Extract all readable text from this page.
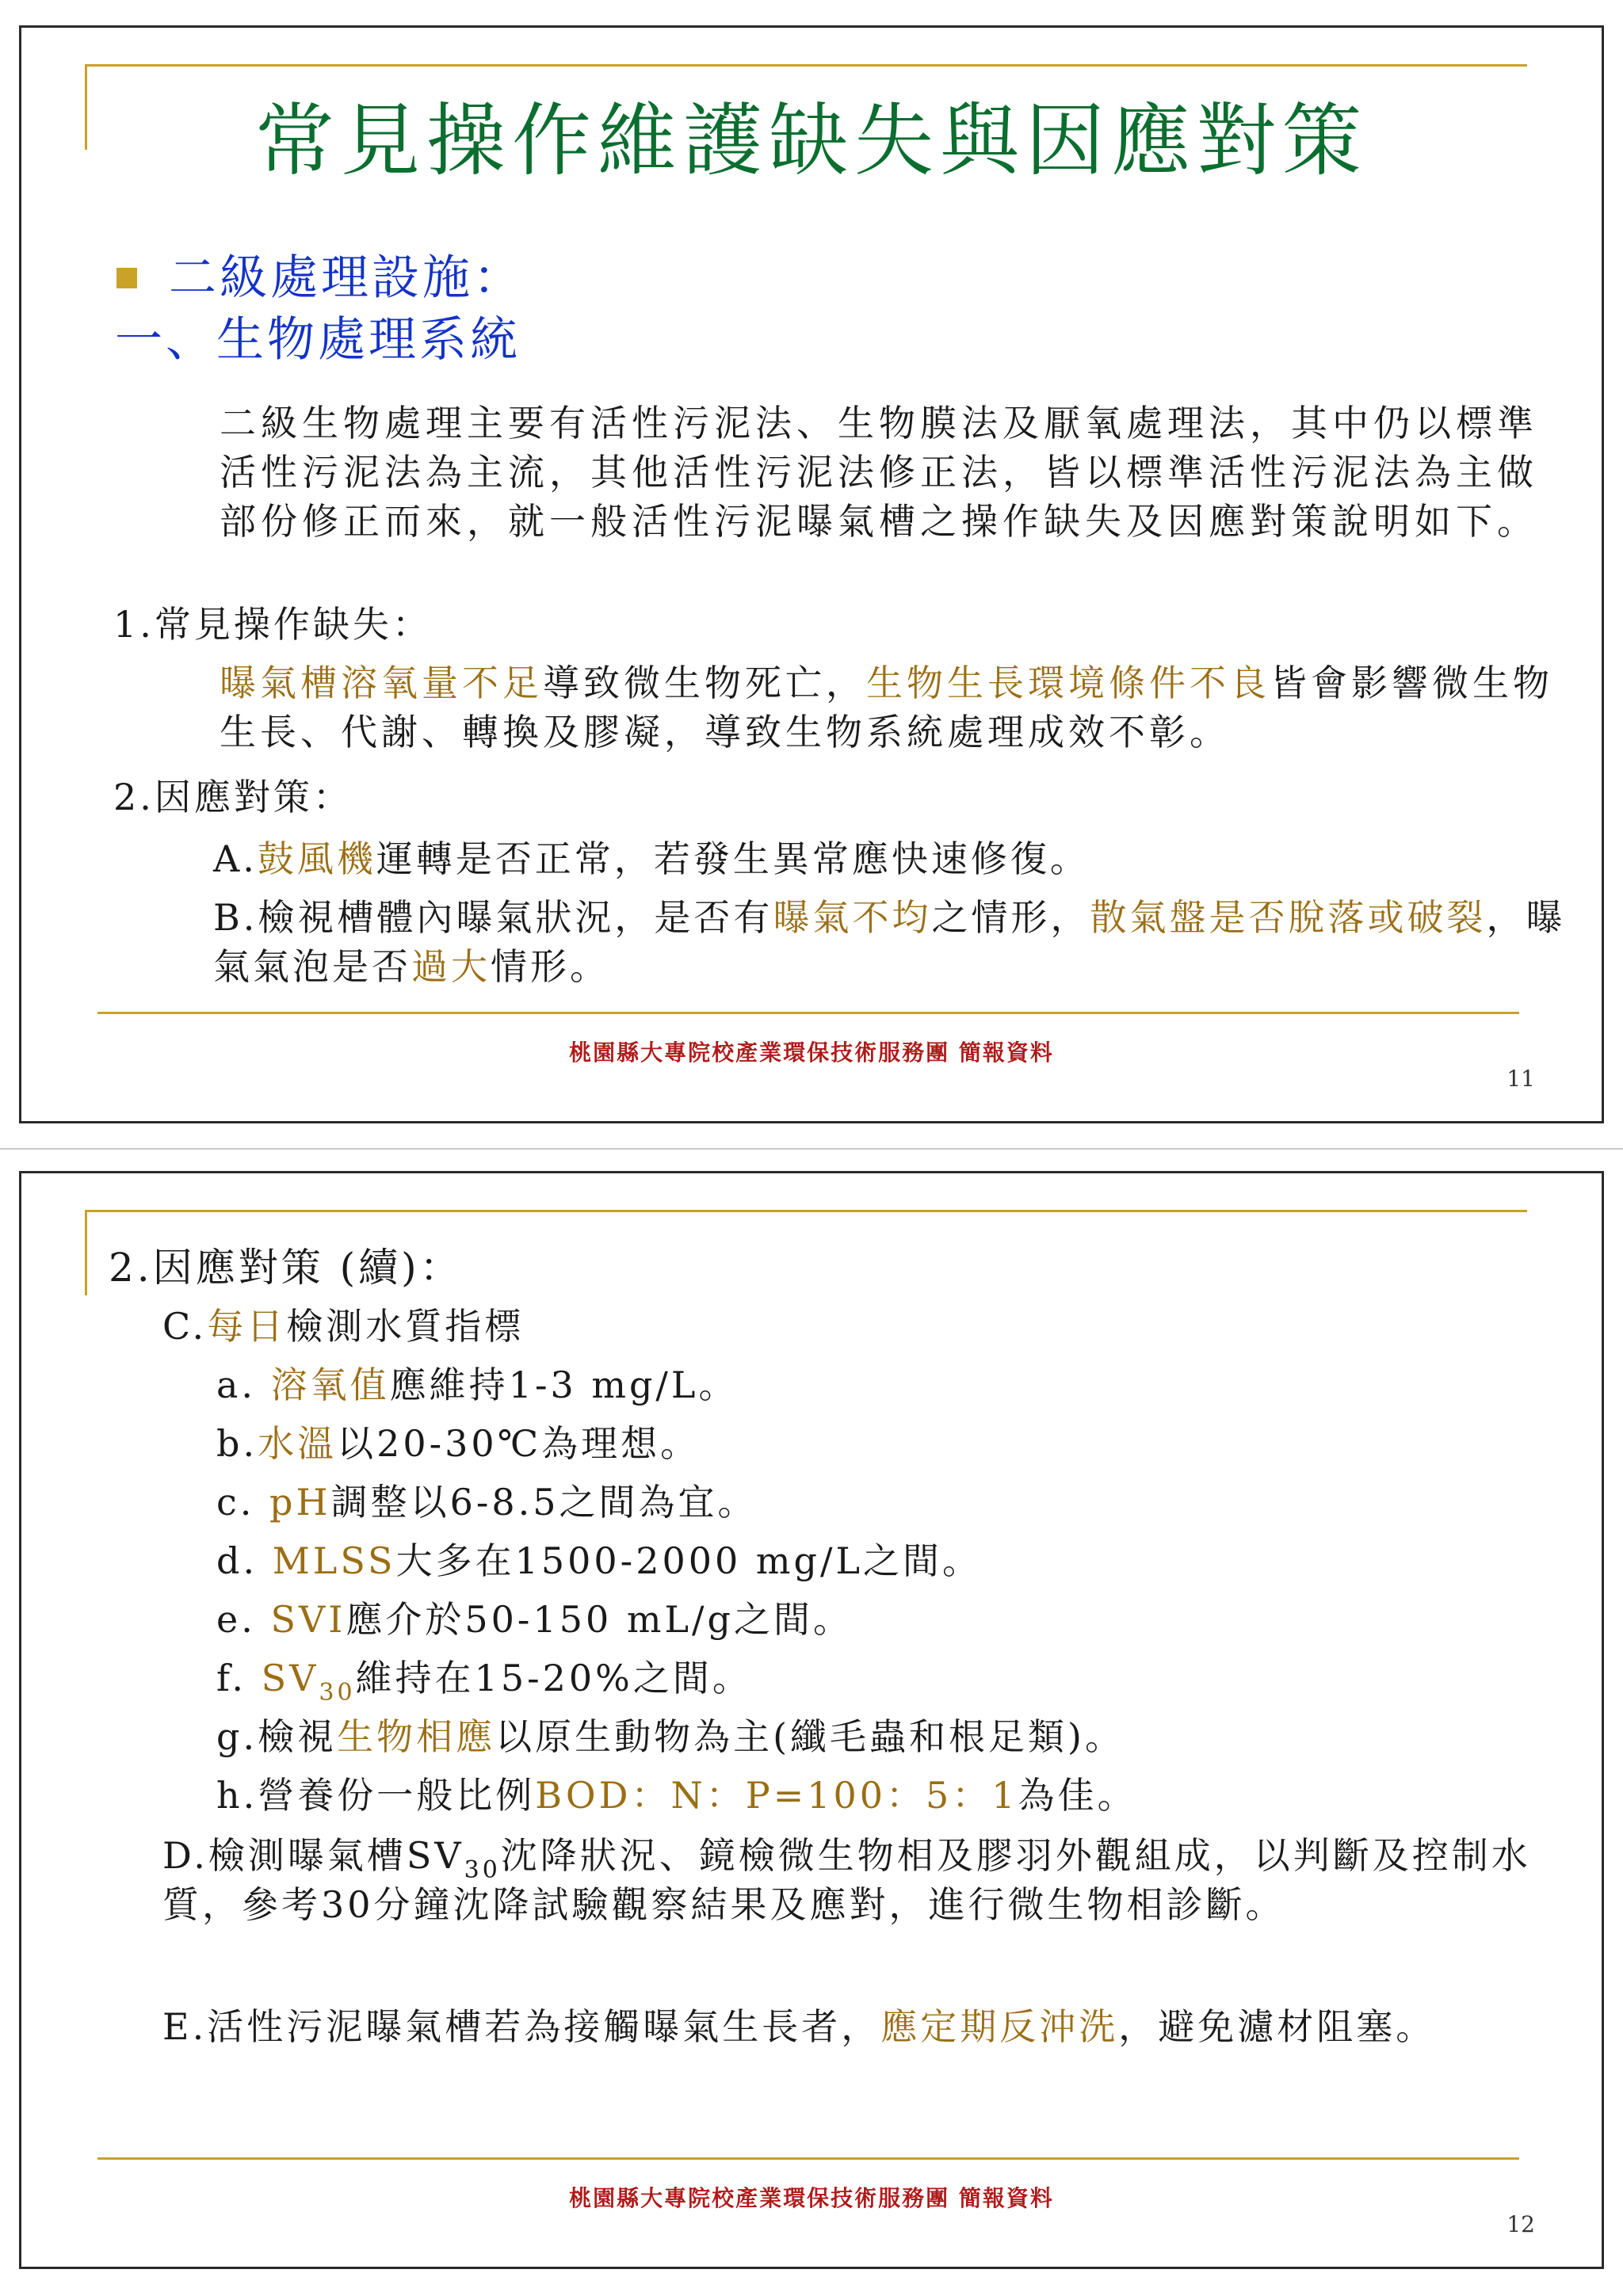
常見操作維護缺失與因應對策
二級處理設施：
一、生物處理系統
二級生物處理主要有活性污泥法、生物膜法及厭氧處理法，其中仍以標準活性污泥法為主流，其他活性污泥法修正法，皆以標準活性污泥法為主做部份修正而來，就一般活性污泥曝氣槽之操作缺失及因應對策說明如下。
1.常見操作缺失：
曝氣槽溶氧量不足導致微生物死亡，生物生長環境條件不良皆會影響微生物生長、代謝、轉換及膠凝，導致生物系統處理成效不彰。
2.因應對策：
A.鼓風機運轉是否正常，若發生異常應快速修復。
B.檢視槽體內曝氣狀況，是否有曝氣不均之情形，散氣盤是否脫落或破裂，曝氣氣泡是否過大情形。
桃園縣大專院校產業環保技術服務團 簡報資料
11
2.因應對策 (續)：
C.每日檢測水質指標
a. 溶氧值應維持1-3 mg/L。
b.水溫以20-30℃為理想。
c. pH調整以6-8.5之間為宜。
d. MLSS大多在1500-2000 mg/L之間。
e. SVI應介於50-150 mL/g之間。
f. $SV_{30}$維持在15-20%之間。
g.檢視生物相應以原生動物為主(纖毛蟲和根足類)。
h.營養份一般比例BOD：N：P=100：5：1為佳。
D.檢測曝氣槽$SV_{30}$沈降狀況、鏡檢微生物相及膠羽外觀組成，以判斷及控制水質，參考30分鐘沈降試驗觀察結果及應對，進行微生物相診斷。
E.活性污泥曝氣槽若為接觸曝氣生長者，應定期反沖洗，避免濾材阻塞。
桃園縣大專院校產業環保技術服務團 簡報資料
12
